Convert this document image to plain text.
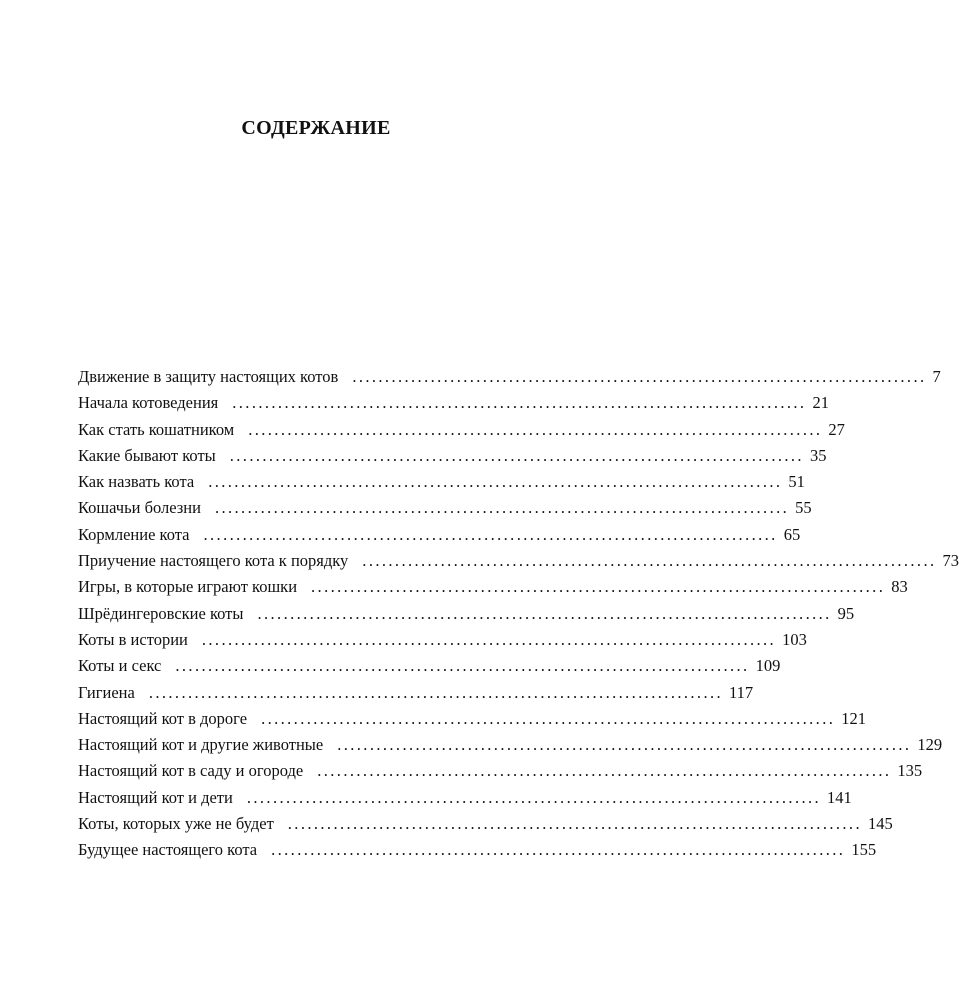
СОДЕРЖАНИЕ
Движение в защиту настоящих котов ........................................................................................ 7
Начала котоведения ........................................................................................ 21
Как стать кошатником ........................................................................................ 27
Какие бывают коты ........................................................................................ 35
Как назвать кота ........................................................................................ 51
Кошачьи болезни ........................................................................................ 55
Кормление кота ........................................................................................ 65
Приучение настоящего кота к порядку ........................................................................................ 73
Игры, в которые играют кошки ........................................................................................ 83
Шрёдингеровские коты ........................................................................................ 95
Коты в истории ........................................................................................ 103
Коты и секс ........................................................................................ 109
Гигиена ........................................................................................ 117
Настоящий кот в дороге ........................................................................................ 121
Настоящий кот и другие животные ........................................................................................ 129
Настоящий кот в саду и огороде ........................................................................................ 135
Настоящий кот и дети ........................................................................................ 141
Коты, которых уже не будет ........................................................................................ 145
Будущее настоящего кота ........................................................................................ 155
